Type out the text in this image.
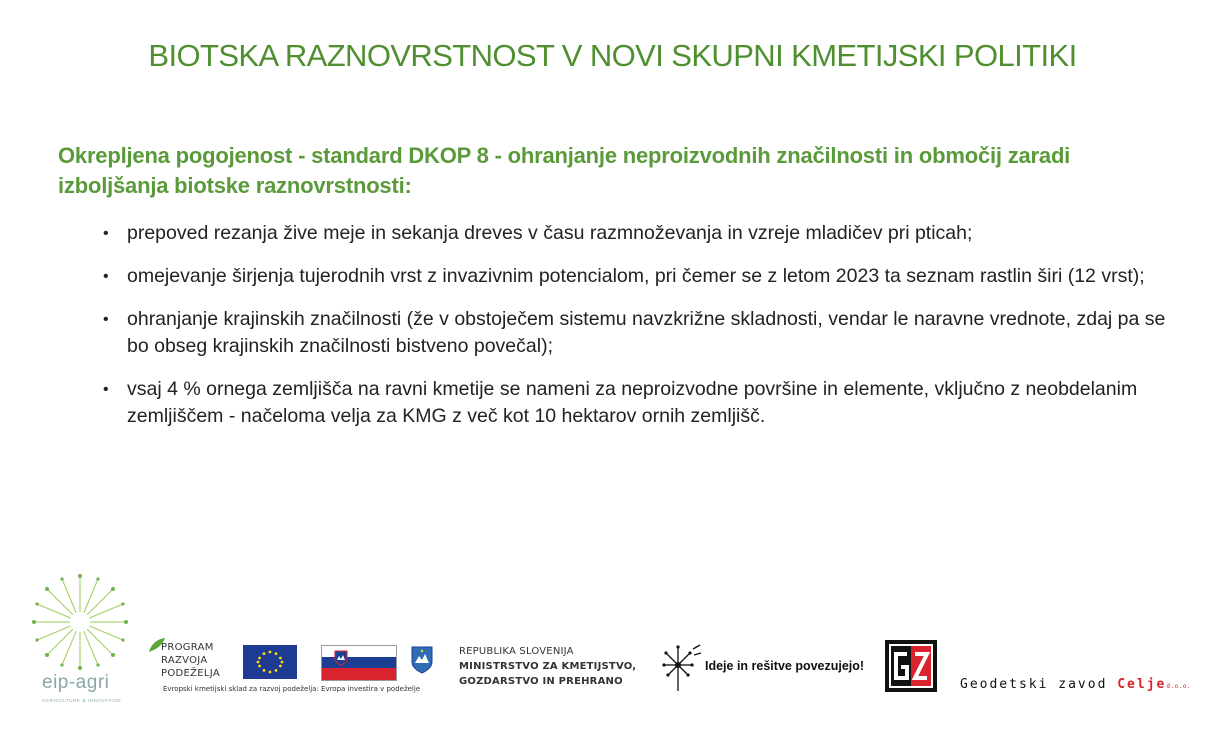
BIOTSKA RAZNOVRSTNOST V NOVI SKUPNI KMETIJSKI POLITIKI
Okrepljena pogojenost - standard DKOP 8 - ohranjanje neproizvodnih značilnosti in območij zaradi izboljšanja biotske raznovrstnosti:
• prepoved rezanja žive meje in sekanja dreves v času razmnoževanja in vzreje mladičev pri pticah;
• omejevanje širjenja tujerodnih vrst z invazivnim potencialom, pri čemer se z letom 2023 ta seznam rastlin širi (12 vrst);
• ohranjanje krajinskih značilnosti (že v obstoječem sistemu navzkrižne skladnosti, vendar le naravne vrednote, zdaj pa se bo obseg krajinskih značilnosti bistveno povečal);
• vsaj 4 % ornega zemljišča na ravni kmetije se nameni za neproizvodne površine in elemente, vključno z neobdelanim zemljiščem - načeloma velja za KMG z več kot 10 hektarov ornih zemljišč.
eip-agri
AGRICULTURE & INNOVATION
PROGRAM
RAZVOJA
PODEŽELJA
Evropski kmetijski sklad za razvoj podeželja: Evropa investira v podeželje
REPUBLIKA SLOVENIJA
MINISTRSTVO ZA KMETIJSTVO,
GOZDARSTVO IN PREHRANO
Ideje in rešitve povezujejo!
Geodetski zavod Celjed.o.o.
